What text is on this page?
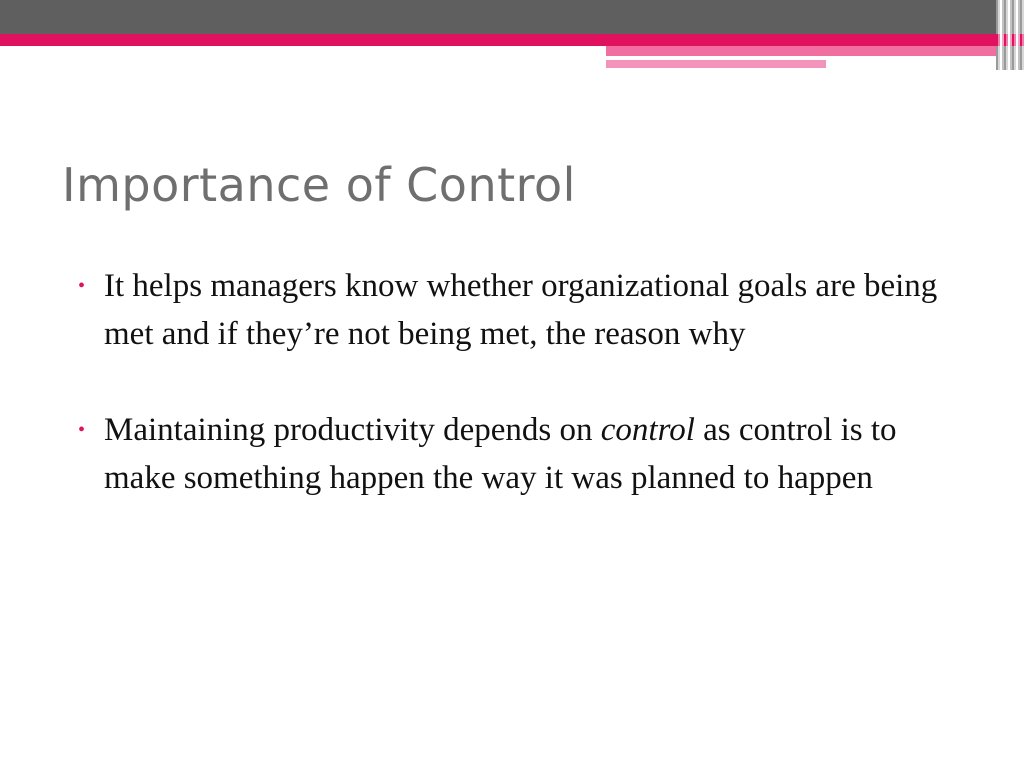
Importance of Control
• It helps managers know whether organizational goals are being met and if they’re not being met, the reason why
• Maintaining productivity depends on control as control is to make something happen the way it was planned to happen
